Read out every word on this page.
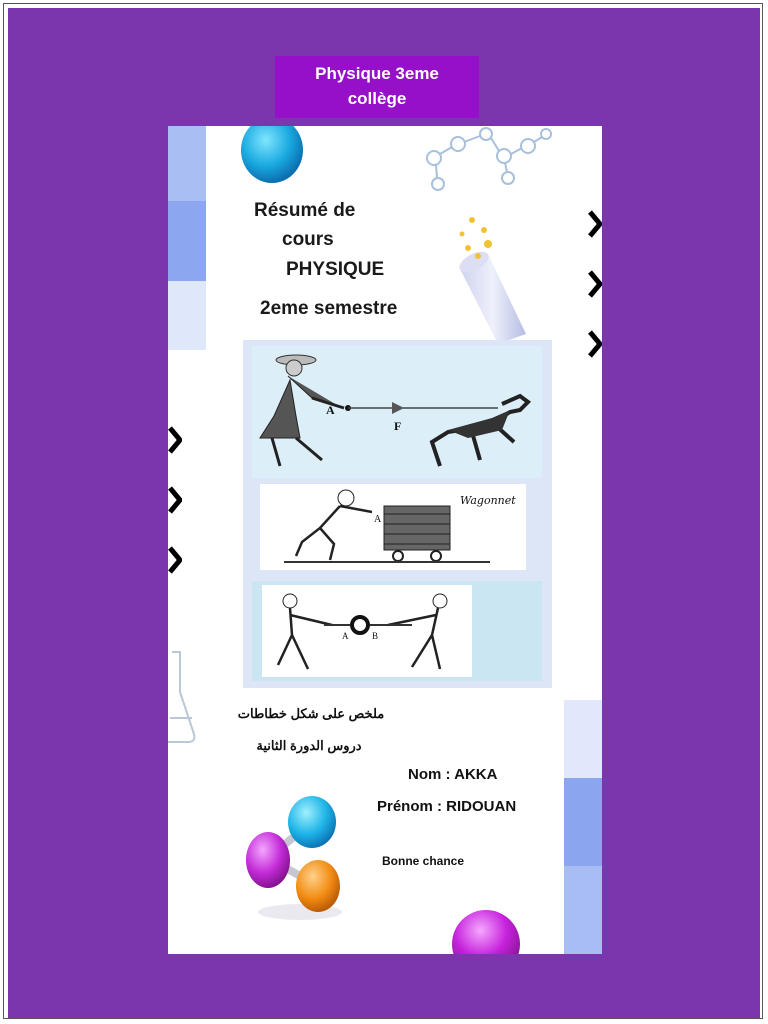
Physique 3eme
collège
Résumé de
cours
PHYSIQUE
2eme semestre
A
F
A
Wagonnet
A	B
ملخص على شكل خطاطات
دروس الدورة الثانية
Nom : AKKA
Prénom : RIDOUAN
Bonne chance
